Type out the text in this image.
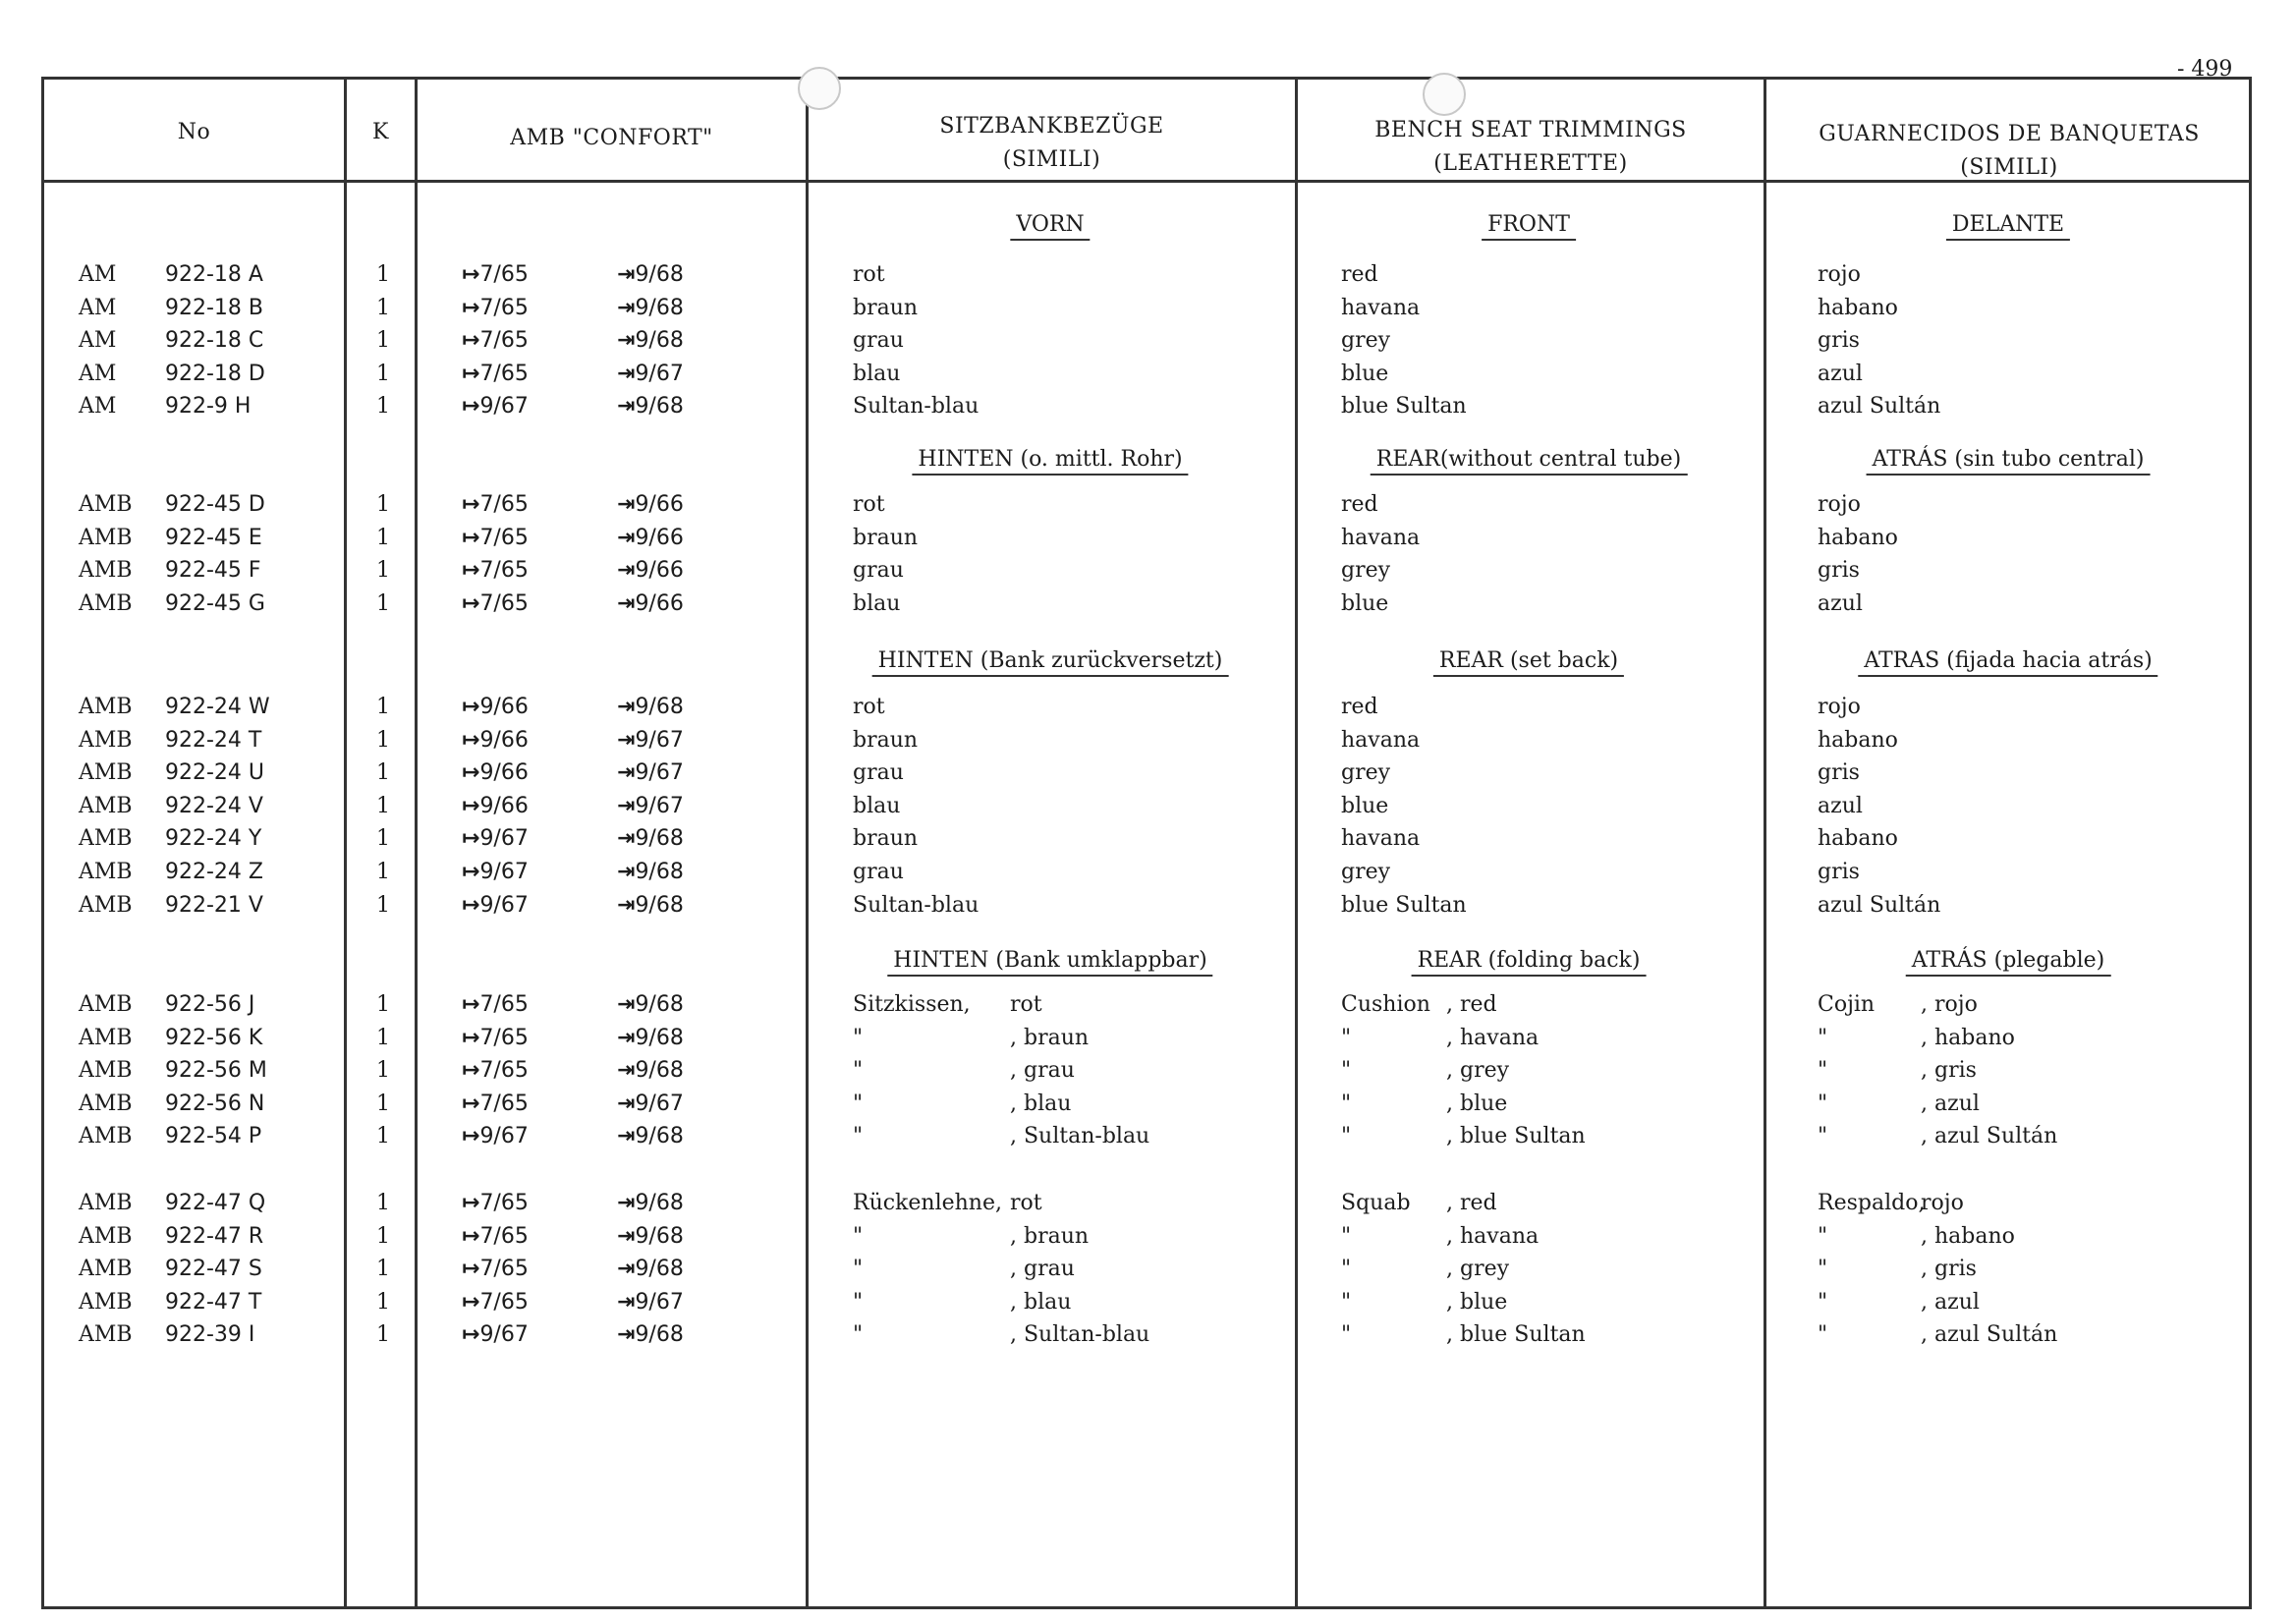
- 499
No	K	AMB "CONFORT"	SITZBANKBEZÜGE
(SIMILI)
BENCH SEAT TRIMMINGS
(LEATHERETTE)
GUARNECIDOS DE BANQUETAS
(SIMILI)
VORN	FRONT	DELANTE
AM 922-18 A	1	↦7/65	⇥9/68	rot	red	rojo
AM 922-18 B	1	↦7/65	⇥9/68	braun	havana	habano
AM 922-18 C	1	↦7/65	⇥9/68	grau	grey	gris
AM 922-18 D	1	↦7/65	⇥9/67	blau	blue	azul
AM 922-9 H	1	↦9/67	⇥9/68	Sultan-blau	blue Sultan	azul Sultán
HINTEN (o. mittl. Rohr)	REAR(without central tube)	ATRÁS (sin tubo central)
AMB 922-45 D	1	↦7/65	⇥9/66	rot	red	rojo
AMB 922-45 E	1	↦7/65	⇥9/66	braun	havana	habano
AMB 922-45 F	1	↦7/65	⇥9/66	grau	grey	gris
AMB 922-45 G	1	↦7/65	⇥9/66	blau	blue	azul
HINTEN (Bank zurückversetzt)	REAR (set back)	ATRAS (fijada hacia atrás)
AMB 922-24 W	1	↦9/66	⇥9/68	rot	red	rojo
AMB 922-24 T	1	↦9/66	⇥9/67	braun	havana	habano
AMB 922-24 U	1	↦9/66	⇥9/67	grau	grey	gris
AMB 922-24 V	1	↦9/66	⇥9/67	blau	blue	azul
AMB 922-24 Y	1	↦9/67	⇥9/68	braun	havana	habano
AMB 922-24 Z	1	↦9/67	⇥9/68	grau	grey	gris
AMB 922-21 V	1	↦9/67	⇥9/68	Sultan-blau	blue Sultan	azul Sultán
HINTEN (Bank umklappbar)	REAR (folding back)	ATRÁS (plegable)
AMB 922-56 J	1	↦7/65	⇥9/68	Sitzkissen, rot	Cushion , red	Cojin , rojo
AMB 922-56 K	1	↦7/65	⇥9/68	"	, braun	"	, havana	"	, habano
AMB 922-56 M	1	↦7/65	⇥9/68	"	, grau	"	, grey	"	, gris
AMB 922-56 N	1	↦7/65	⇥9/67	"	, blau	"	, blue	"	, azul
AMB 922-54 P	1	↦9/67	⇥9/68	"	, Sultan-blau	"	, blue Sultan	"	, azul Sultán
AMB 922-47 Q	1	↦7/65	⇥9/68	Rückenlehne, rot	Squab , red	Respaldo,
rojo
AMB 922-47 R	1	↦7/65	⇥9/68	"	, braun	"	, havana	"	, habano
AMB 922-47 S	1	↦7/65	⇥9/68	"	, grau	"	, grey	"	, gris
AMB 922-47 T	1	↦7/65	⇥9/67	"	, blau	"	, blue	"	, azul
AMB 922-39 I	1	↦9/67	⇥9/68	"	, Sultan-blau	"	, blue Sultan	"	, azul Sultán
